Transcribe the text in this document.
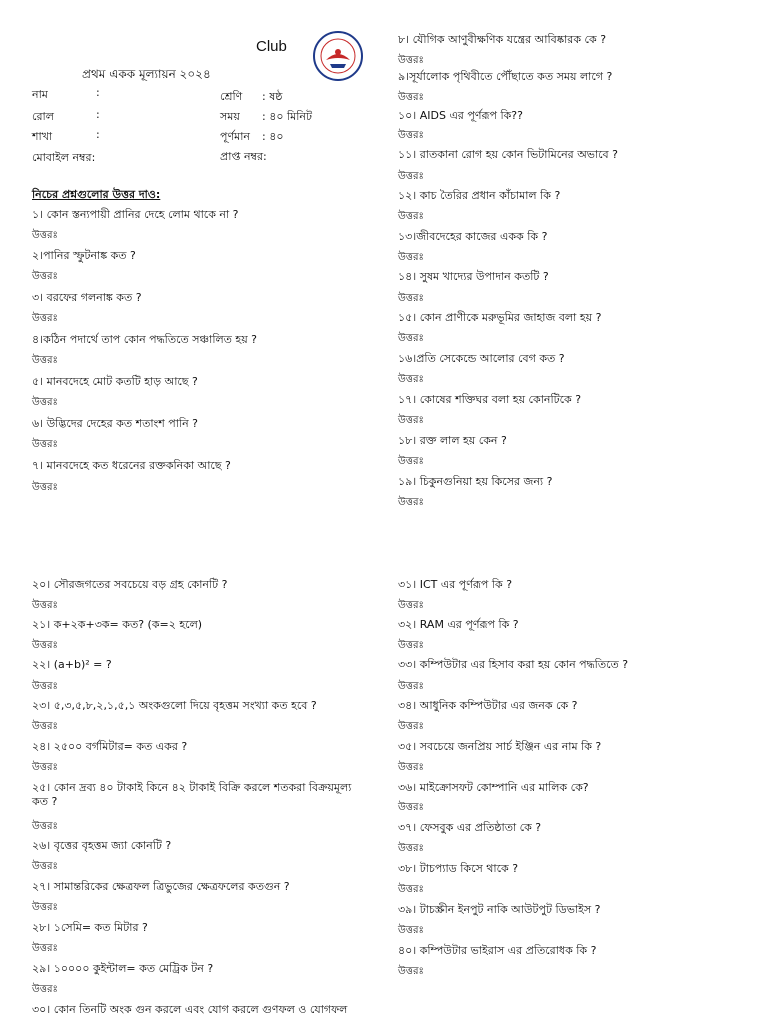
Club
প্রথম একক মূল্যায়ন ২০২৪
নাম	:
রোল	:
শাখা	:
মোবাইল নম্বর:
শ্রেণি : ষষ্ঠ
সময় : ৪০ মিনিট
পূর্ণমান : ৪০
প্রাপ্ত নম্বর:
নিচের প্রশ্নগুলোর উত্তর দাও:
১। কোন স্তন্যপায়ী প্রানির দেহে লোম থাকে না ?
উত্তরঃ
২।পানির স্ফুটনাঙ্ক কত ?
উত্তরঃ
৩। বরফের গলনাঙ্ক কত ?
উত্তরঃ
৪।কঠিন পদার্থে তাপ কোন পদ্ধতিতে সঞ্চালিত হয় ?
উত্তরঃ
৫। মানবদেহে মোট কতটি হাড় আছে ?
উত্তরঃ
৬। উদ্ভিদের দেহের কত শতাংশ পানি ?
উত্তরঃ
৭। মানবদেহে কত ধরেনের রক্তকনিকা আছে ?
উত্তরঃ
৮। যৌগিক আণুবীক্ষণিক যন্ত্রের আবিষ্কারক কে ?
উত্তরঃ
৯।সূর্যালোক পৃথিবীতে পৌঁছাতে কত সময় লাগে ?
উত্তরঃ
১০। AIDS এর পূর্ণরূপ কি??
উত্তরঃ
১১। রাতকানা রোগ হয় কোন ভিটামিনের অভাবে ?
উত্তরঃ
১২। কাচ তৈরির প্রধান কাঁচামাল কি ?
উত্তরঃ
১৩।জীবদেহের কাজের একক কি ?
উত্তরঃ
১৪। সুষম খাদ্যের উপাদান কতটি ?
উত্তরঃ
১৫। কোন প্রাণীকে মরুভূমির জাহাজ বলা হয় ?
উত্তরঃ
১৬।প্রতি সেকেন্ডে আলোর বেগ কত ?
উত্তরঃ
১৭। কোষের শক্তিঘর বলা হয় কোনটিকে ?
উত্তরঃ
১৮। রক্ত লাল হয় কেন ?
উত্তরঃ
১৯। চিকুনগুনিয়া হয় কিসের জন্য ?
উত্তরঃ
২০। সৌরজগতের সবচেয়ে বড় গ্রহ কোনটি ?
উত্তরঃ
২১। ক+২ক+৩ক= কত? (ক=২ হলে)
উত্তরঃ
২২। (a+b)² = ?
উত্তরঃ
২৩। ৫,৩,৫,৮,২,১,৫,১ অংকগুলো দিয়ে বৃহত্তম সংখ্যা কত হবে ?
উত্তরঃ
২৪। ২৫০০ বর্গমিটার= কত একর ?
উত্তরঃ
২৫। কোন দ্রব্য ৪০ টাকাই কিনে ৪২ টাকাই বিক্রি করলে শতকরা বিক্রয়মূল্য কত ?
উত্তরঃ
২৬। বৃত্তের বৃহত্তম জ্যা কোনটি ?
উত্তরঃ
২৭। সামান্তরিকের ক্ষেত্রফল ত্রিভুজের ক্ষেত্রফলের কতগুন ?
উত্তরঃ
২৮। ১সেমি= কত মিটার ?
উত্তরঃ
২৯। ১০০০০ কুইন্টাল= কত মেট্রিক টন ?
উত্তরঃ
৩০। কোন তিনটি অংক গুন করলে এবং যোগ করলে গুণফল ও যোগফল
৩১। ICT এর পূর্ণরূপ কি ?
উত্তরঃ
৩২। RAM এর পূর্ণরূপ কি ?
উত্তরঃ
৩৩। কম্পিউটার এর হিসাব করা হয় কোন পদ্ধতিতে ?
উত্তরঃ
৩৪। আধুনিক কম্পিউটার এর জনক কে ?
উত্তরঃ
৩৫। সবচেয়ে জনপ্রিয় সার্চ ইঞ্জিন এর নাম কি ?
উত্তরঃ
৩৬। মাইক্রোসফট কোম্পানি এর মালিক কে?
উত্তরঃ
৩৭। ফেসবুক এর প্রতিষ্ঠাতা কে ?
উত্তরঃ
৩৮। টাচপ্যাড কিসে থাকে ?
উত্তরঃ
৩৯। টাচস্ক্রীন ইনপুট নাকি আউটপুট ডিভাইস ?
উত্তরঃ
৪০। কম্পিউটার ভাইরাস এর প্রতিরোধক কি ?
উত্তরঃ
